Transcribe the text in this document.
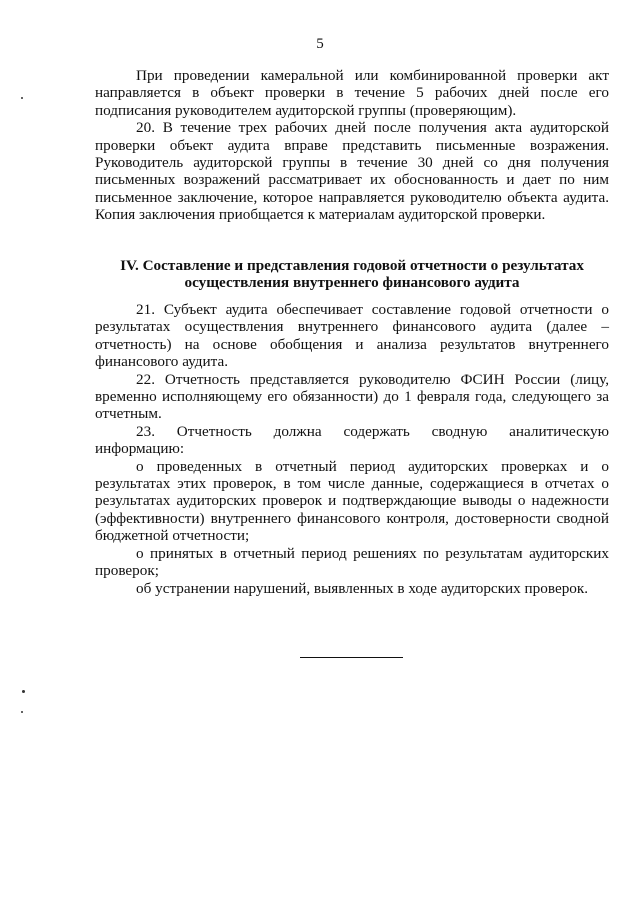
5

При проведении камеральной или комбинированной проверки акт направляется в объект проверки в течение 5 рабочих дней после его подписания руководителем аудиторской группы (проверяющим).

20. В течение трех рабочих дней после получения акта аудиторской проверки объект аудита вправе представить письменные возражения. Руководитель аудиторской группы в течение 30 дней со дня получения письменных возражений рассматривает их обоснованность и дает по ним письменное заключение, которое направляется руководителю объекта аудита. Копия заключения приобщается к материалам аудиторской проверки.

IV. Составление и представления годовой отчетности о результатах
осуществления внутреннего финансового аудита

21. Субъект аудита обеспечивает составление годовой отчетности о результатах осуществления внутреннего финансового аудита (далее – отчетность) на основе обобщения и анализа результатов внутреннего финансового аудита.

22. Отчетность представляется руководителю ФСИН России (лицу, временно исполняющему его обязанности) до 1 февраля года, следующего за отчетным.

23. Отчетность должна содержать сводную аналитическую информацию:

о проведенных в отчетный период аудиторских проверках и о результатах этих проверок, в том числе данные, содержащиеся в отчетах о результатах аудиторских проверок и подтверждающие выводы о надежности (эффективности) внутреннего финансового контроля, достоверности сводной бюджетной отчетности;

о принятых в отчетный период решениях по результатам аудиторских проверок;

об устранении нарушений, выявленных в ходе аудиторских проверок.
